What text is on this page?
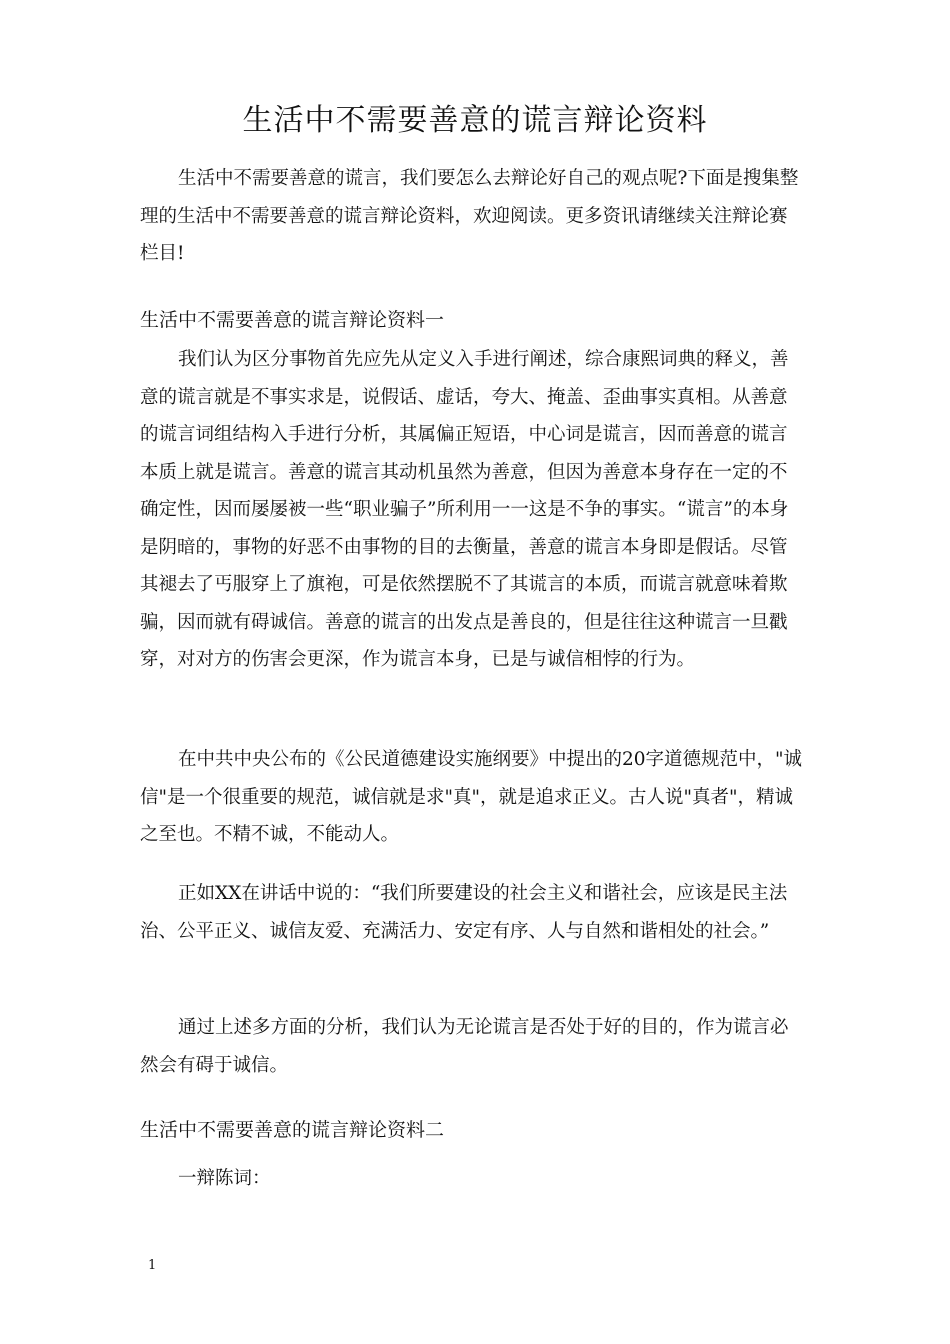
生活中不需要善意的谎言辩论资料

生活中不需要善意的谎言，我们要怎么去辩论好自己的观点呢?下面是搜集整理的生活中不需要善意的谎言辩论资料，欢迎阅读。更多资讯请继续关注辩论赛栏目!

生活中不需要善意的谎言辩论资料一

我们认为区分事物首先应先从定义入手进行阐述，综合康熙词典的释义，善意的谎言就是不事实求是，说假话、虚话，夸大、掩盖、歪曲事实真相。从善意的谎言词组结构入手进行分析，其属偏正短语，中心词是谎言，因而善意的谎言本质上就是谎言。善意的谎言其动机虽然为善意，但因为善意本身存在一定的不确定性，因而屡屡被一些“职业骗子”所利用一一这是不争的事实。“谎言”的本身是阴暗的，事物的好恶不由事物的目的去衡量，善意的谎言本身即是假话。尽管其褪去了丐服穿上了旗袍，可是依然摆脱不了其谎言的本质，而谎言就意味着欺骗，因而就有碍诚信。善意的谎言的出发点是善良的，但是往往这种谎言一旦戳穿，对对方的伤害会更深，作为谎言本身，已是与诚信相悖的行为。

在中共中央公布的《公民道德建设实施纲要》中提出的20字道德规范中，"诚信"是一个很重要的规范，诚信就是求"真"，就是追求正义。古人说"真者"，精诚之至也。不精不诚，不能动人。

正如XX在讲话中说的：“我们所要建设的社会主义和谐社会，应该是民主法治、公平正义、诚信友爱、充满活力、安定有序、人与自然和谐相处的社会。”

通过上述多方面的分析，我们认为无论谎言是否处于好的目的，作为谎言必然会有碍于诚信。

生活中不需要善意的谎言辩论资料二

一辩陈词：

1
